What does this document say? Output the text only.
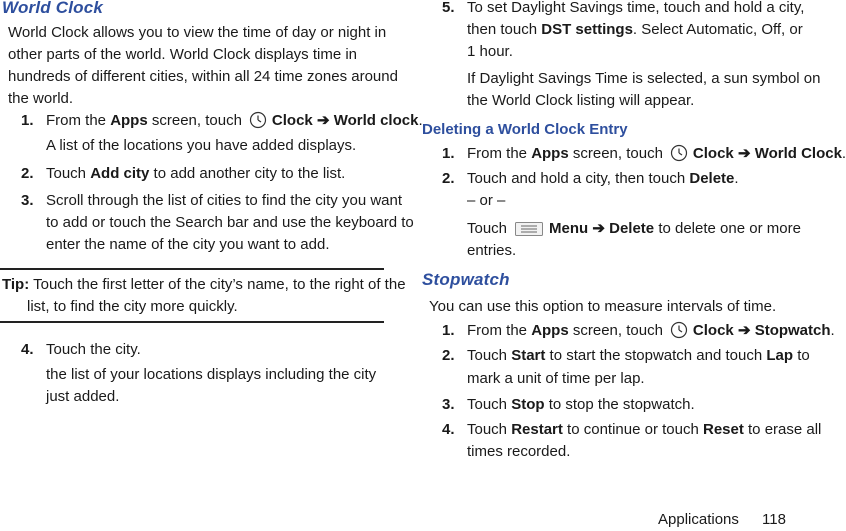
World Clock
World Clock allows you to view the time of day or night in
other parts of the world. World Clock displays time in
hundreds of different cities, within all 24 time zones around
the world.
1. From the Apps screen, touch Clock ➔ World clock.
A list of the locations you have added displays.
2. Touch Add city to add another city to the list.
3. Scroll through the list of cities to find the city you want
to add or touch the Search bar and use the keyboard to
enter the name of the city you want to add.
Tip: Touch the first letter of the city’s name, to the right of the
list, to find the city more quickly.
4. Touch the city.
the list of your locations displays including the city
just added.
5. To set Daylight Savings time, touch and hold a city,
then touch DST settings. Select Automatic, Off, or
1 hour.
If Daylight Savings Time is selected, a sun symbol on
the World Clock listing will appear.
Deleting a World Clock Entry
1. From the Apps screen, touch Clock ➔ World Clock.
2. Touch and hold a city, then touch Delete.
– or –
Touch	Menu ➔ Delete to delete one or more
entries.
Stopwatch
You can use this option to measure intervals of time.
1. From the Apps screen, touch Clock ➔ Stopwatch.
2. Touch Start to start the stopwatch and touch Lap to
mark a unit of time per lap.
3. Touch Stop to stop the stopwatch.
4. Touch Restart to continue or touch Reset to erase all
times recorded.
Applications 118
